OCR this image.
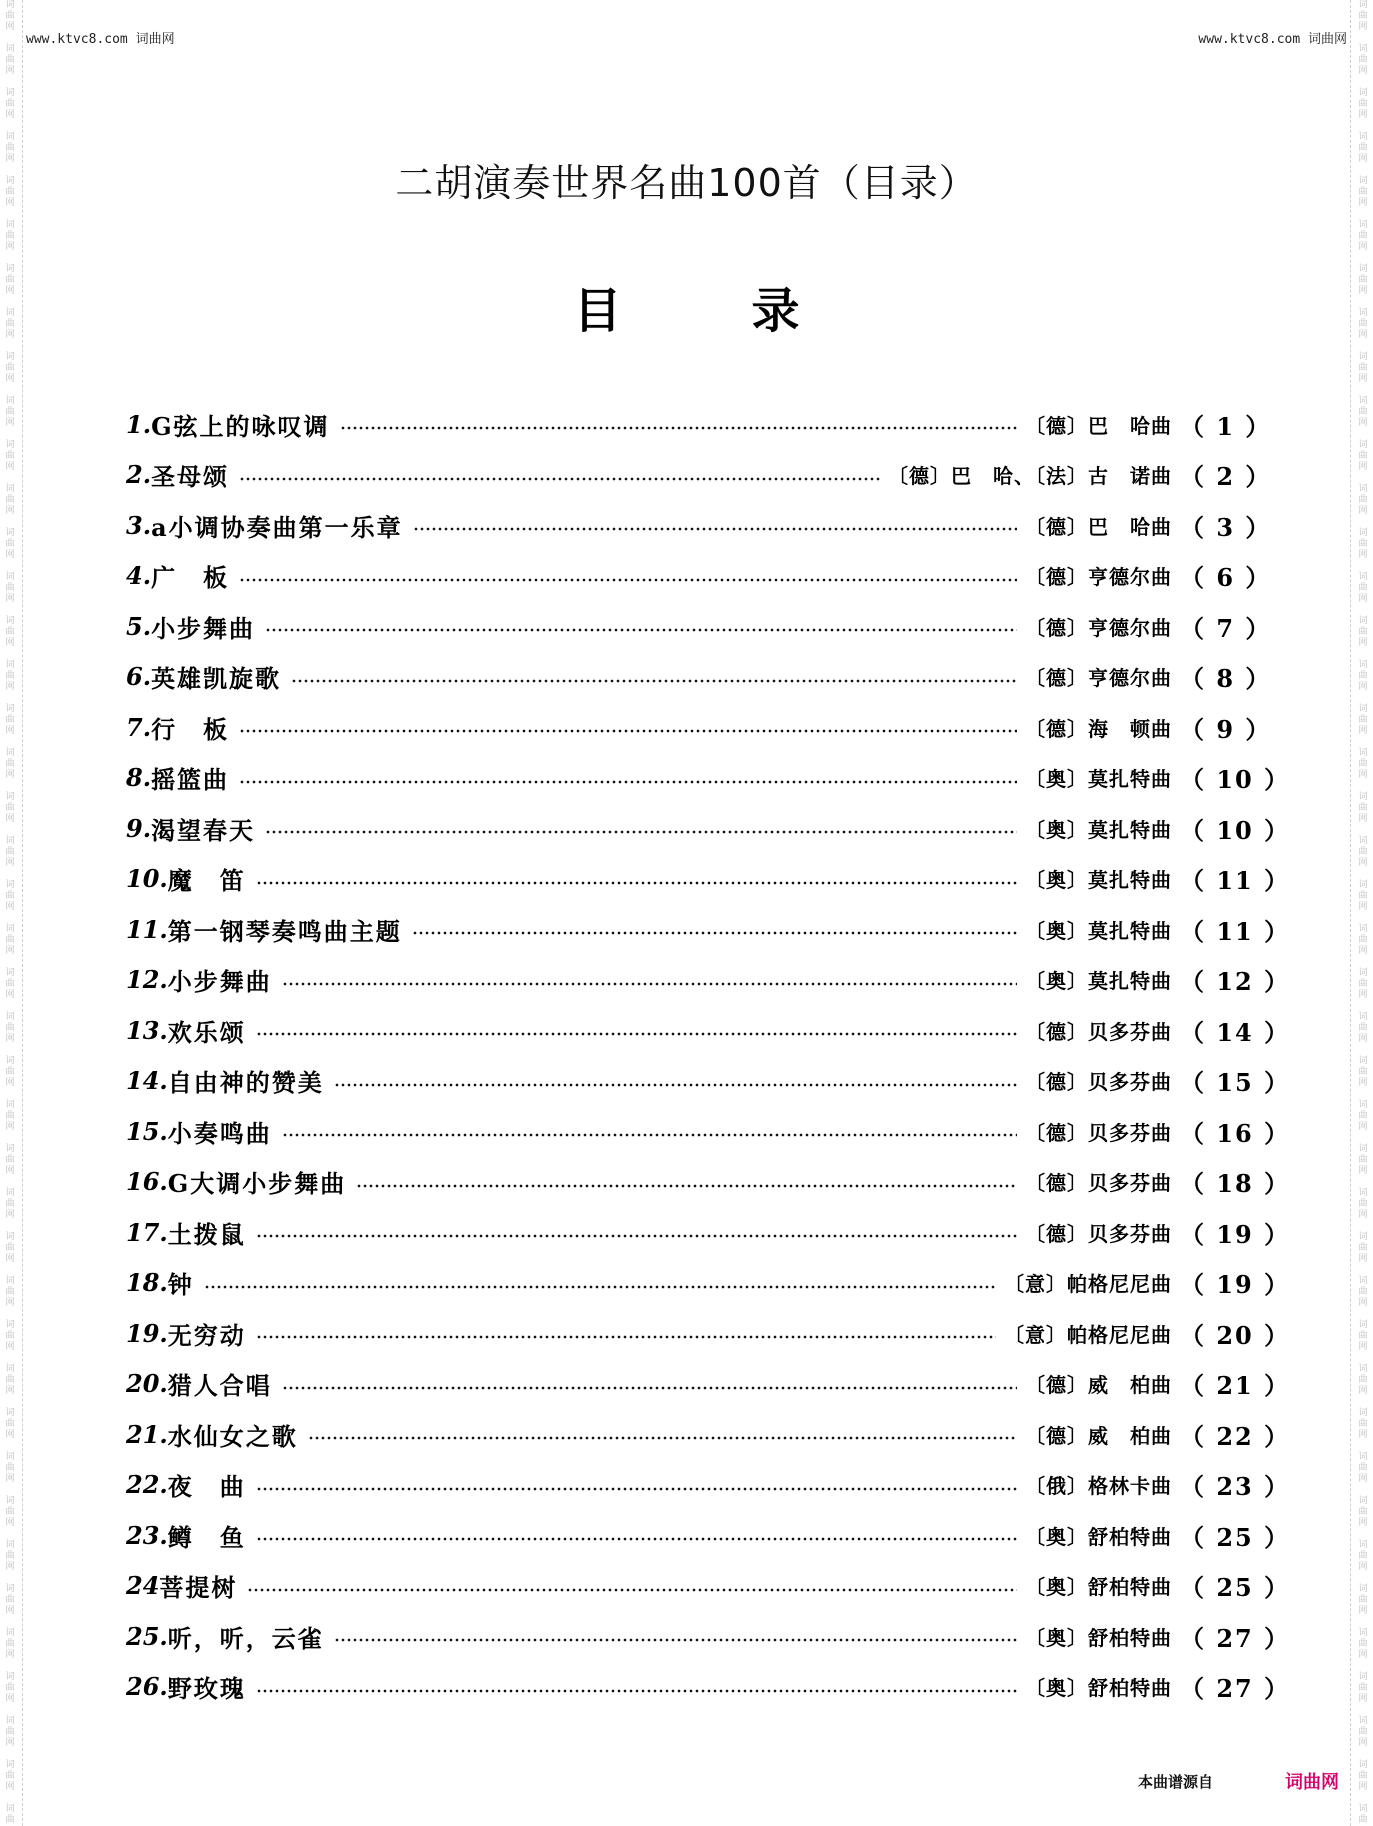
词
曲
网

词
曲
网

词
曲
网

词
曲
网

词
曲
网

词
曲
网

词
曲
网

词
曲
网

词
曲
网

词
曲
网

词
曲
网

词
曲
网

词
曲
网

词
曲
网

词
曲
网

词
曲
网

词
曲
网

词
曲
网

词
曲
网

词
曲
网

词
曲
网

词
曲
网

词
曲
网

词
曲
网

词
曲
网

词
曲
网

词
曲
网

词
曲
网

词
曲
网

词
曲
网

词
曲
网

词
曲
网

词
曲
网

词
曲
网

词
曲
网

词
曲
网

词
曲
网

词
曲
网

词
曲
网

词
曲
网

词
曲
网

词
曲
词
曲
网

词
曲
网

词
曲
网

词
曲
网

词
曲
网

词
曲
网

词
曲
网

词
曲
网

词
曲
网

词
曲
网

词
曲
网

词
曲
网

词
曲
网

词
曲
网

词
曲
网

词
曲
网

词
曲
网

词
曲
网

词
曲
网

词
曲
网

词
曲
网

词
曲
网

词
曲
网

词
曲
网

词
曲
网

词
曲
网

词
曲
网

词
曲
网

词
曲
网

词
曲
网

词
曲
网

词
曲
网

词
曲
网

词
曲
网

词
曲
网

词
曲
网

词
曲
网

词
曲
网

词
曲
网

词
曲
网

词
曲
网

词
曲
www.ktvc8.com 词曲网	www.ktvc8.com 词曲网
二胡演奏世界名曲100首（目录）
目	录
1. G弦上的咏叹调	〔德〕巴　哈曲 （ 1 ）
2. 圣母颂	〔德〕巴　哈、〔法〕古　诺曲 （ 2 ）
3. a小调协奏曲第一乐章	〔德〕巴　哈曲 （ 3 ）
4. 广　板	〔德〕亨德尔曲 （ 6 ）
5. 小步舞曲	〔德〕亨德尔曲 （ 7 ）
6. 英雄凯旋歌	〔德〕亨德尔曲 （ 8 ）
7. 行　板	〔德〕海　顿曲 （ 9 ）
8. 摇篮曲	〔奥〕莫扎特曲 （ 10 ）
9. 渴望春天	〔奥〕莫扎特曲 （ 10 ）
10. 魔　笛	〔奥〕莫扎特曲 （ 11 ）
11. 第一钢琴奏鸣曲主题	〔奥〕莫扎特曲 （ 11 ）
12. 小步舞曲	〔奥〕莫扎特曲 （ 12 ）
13. 欢乐颂	〔德〕贝多芬曲 （ 14 ）
14. 自由神的赞美	〔德〕贝多芬曲 （ 15 ）
15. 小奏鸣曲	〔德〕贝多芬曲 （ 16 ）
16. G大调小步舞曲	〔德〕贝多芬曲 （ 18 ）
17. 土拨鼠	〔德〕贝多芬曲 （ 19 ）
18. 钟	〔意〕帕格尼尼曲 （ 19 ）
19. 无穷动	〔意〕帕格尼尼曲 （ 20 ）
20. 猎人合唱	〔德〕威　柏曲 （ 21 ）
21. 水仙女之歌	〔德〕威　柏曲 （ 22 ）
22. 夜　曲	〔俄〕格林卡曲 （ 23 ）
23. 鳟　鱼	〔奥〕舒柏特曲 （ 25 ）
24 菩提树	〔奥〕舒柏特曲 （ 25 ）
25. 听，听，云雀	〔奥〕舒柏特曲 （ 27 ）
26. 野玫瑰	〔奥〕舒柏特曲 （ 27 ）
本曲谱源自	词曲网
